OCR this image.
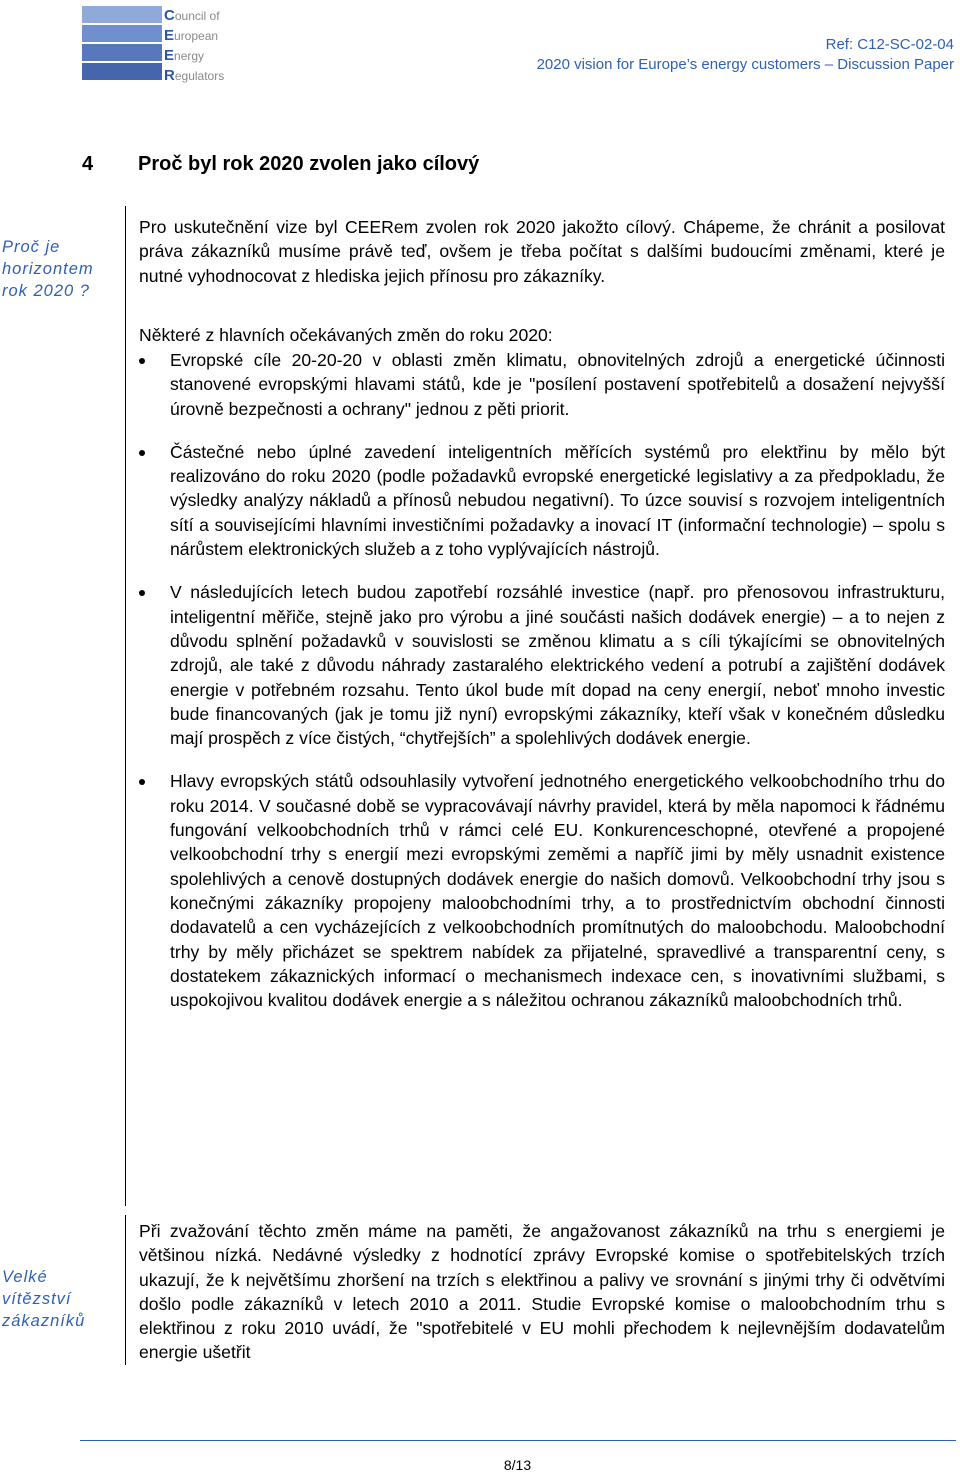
Council of
European
Energy
Regulators
Ref: C12-SC-02-04
2020 vision for Europe’s energy customers – Discussion Paper
4 Proč byl rok 2020 zvolen jako cílový
Proč je horizontem rok 2020 ?
Velké vítězství zákazníků
Pro uskutečnění vize byl CEERem zvolen rok 2020 jakožto cílový. Chápeme, že chránit a posilovat práva zákazníků musíme právě teď, ovšem je třeba počítat s dalšími budoucími změnami, které je nutné vyhodnocovat z hlediska jejich přínosu pro zákazníky.
Některé z hlavních očekávaných změn do roku 2020:
Evropské cíle 20-20-20 v oblasti změn klimatu, obnovitelných zdrojů a energetické účinnosti stanovené evropskými hlavami států, kde je "posílení postavení spotřebitelů a dosažení nejvyšší úrovně bezpečnosti a ochrany" jednou z pěti priorit.
Částečné nebo úplné zavedení inteligentních měřících systémů pro elektřinu by mělo být realizováno do roku 2020 (podle požadavků evropské energetické legislativy a za předpokladu, že výsledky analýzy nákladů a přínosů nebudou negativní). To úzce souvisí s rozvojem inteligentních sítí a souvisejícími hlavními investičními požadavky a inovací IT (informační technologie) – spolu s nárůstem elektronických služeb a z toho vyplývajících nástrojů.
V následujících letech budou zapotřebí rozsáhlé investice (např. pro přenosovou infrastrukturu, inteligentní měřiče, stejně jako pro výrobu a jiné součásti našich dodávek energie) – a to nejen z důvodu splnění požadavků v souvislosti se změnou klimatu a s cíli týkajícími se obnovitelných zdrojů, ale také z důvodu náhrady zastaralého elektrického vedení a potrubí a zajištění dodávek energie v potřebném rozsahu. Tento úkol bude mít dopad na ceny energií, neboť mnoho investic bude financovaných (jak je tomu již nyní) evropskými zákazníky, kteří však v konečném důsledku mají prospěch z více čistých, “chytřejších” a spolehlivých dodávek energie.
Hlavy evropských států odsouhlasily vytvoření jednotného energetického velkoobchodního trhu do roku 2014. V současné době se vypracovávají návrhy pravidel, která by měla napomoci k řádnému fungování velkoobchodních trhů v rámci celé EU. Konkurenceschopné, otevřené a propojené velkoobchodní trhy s energií mezi evropskými zeměmi a napříč jimi by měly usnadnit existence spolehlivých a cenově dostupných dodávek energie do našich domovů. Velkoobchodní trhy jsou s konečnými zákazníky propojeny maloobchodními trhy, a to prostřednictvím obchodní činnosti dodavatelů a cen vycházejících z velkoobchodních promítnutých do maloobchodu. Maloobchodní trhy by měly přicházet se spektrem nabídek za přijatelné, spravedlivé a transparentní ceny, s dostatekem zákaznických informací o mechanismech indexace cen, s inovativními službami, s uspokojivou kvalitou dodávek energie a s náležitou ochranou zákazníků maloobchodních trhů.
Při zvažování těchto změn máme na paměti, že angažovanost zákazníků na trhu s energiemi je většinou nízká. Nedávné výsledky z hodnotící zprávy Evropské komise o spotřebitelských trzích ukazují, že k největšímu zhoršení na trzích s elektřinou a palivy ve srovnání s jinými trhy či odvětvími došlo podle zákazníků v letech 2010 a 2011. Studie Evropské komise o maloobchodním trhu s elektřinou z roku 2010 uvádí, že "spotřebitelé v EU mohli přechodem k nejlevnějším dodavatelům energie ušetřit
8/13
